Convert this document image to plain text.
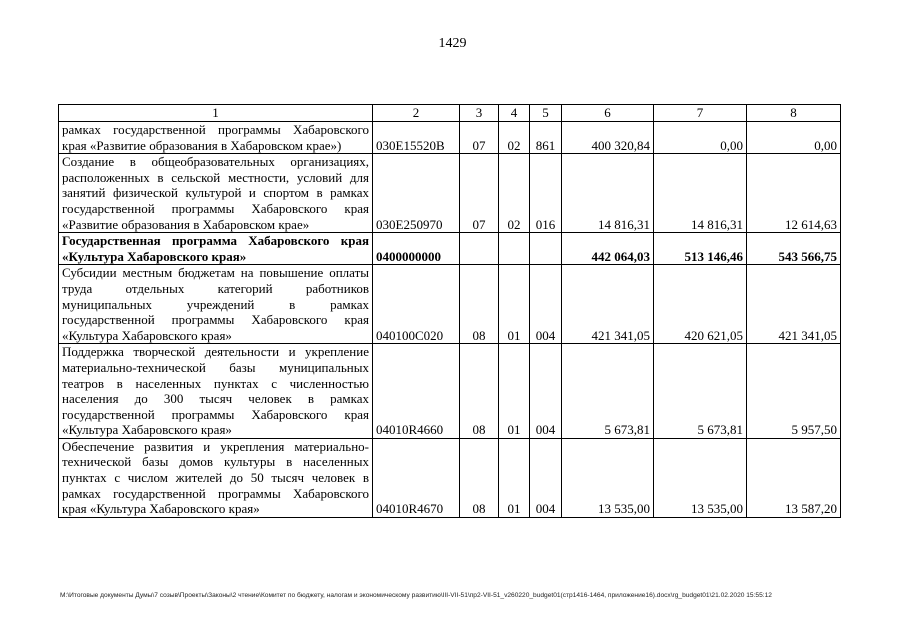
1429
1	2	3	4	5	6	7	8
рамках государственной программы Хабаровского края «Развитие образования в Хабаровском крае»)	030E15520В	07	02	861	400 320,84	0,00	0,00
Создание в общеобразовательных организациях, расположенных в сельской местности, условий для занятий физической культурой и спортом в рамках государственной программы Хабаровского края «Развитие образования в Хабаровском крае»	030E250970	07	02	016	14 816,31	14 816,31	12 614,63
Государственная программа Хабаровского края «Культура Хабаровского края»	0400000000				442 064,03	513 146,46	543 566,75
Субсидии местным бюджетам на повышение оплаты труда отдельных категорий работников муниципальных учреждений в рамках государственной программы Хабаровского края «Культура Хабаровского края»	040100С020	08	01	004	421 341,05	420 621,05	421 341,05
Поддержка творческой деятельности и укрепление материально-технической базы муниципальных театров в населенных пунктах с численностью населения до 300 тысяч человек в рамках государственной программы Хабаровского края «Культура Хабаровского края»	04010R4660	08	01	004	5 673,81	5 673,81	5 957,50
Обеспечение развития и укрепления материально-технической базы домов культуры в населенных пунктах с числом жителей до 50 тысяч человек в рамках государственной программы Хабаровского края «Культура Хабаровского края»	04010R4670	08	01	004	13 535,00	13 535,00	13 587,20
M:\Итоговые документы Думы\7 созыв\Проекты\Законы\2 чтение\Комитет по бюджету, налогам и экономическому развитию\III-VII-51\пр2-VII-51_v260220_budget01(стр1416-1464, приложение16).docx\rg_budget01\21.02.2020 15:55:12
